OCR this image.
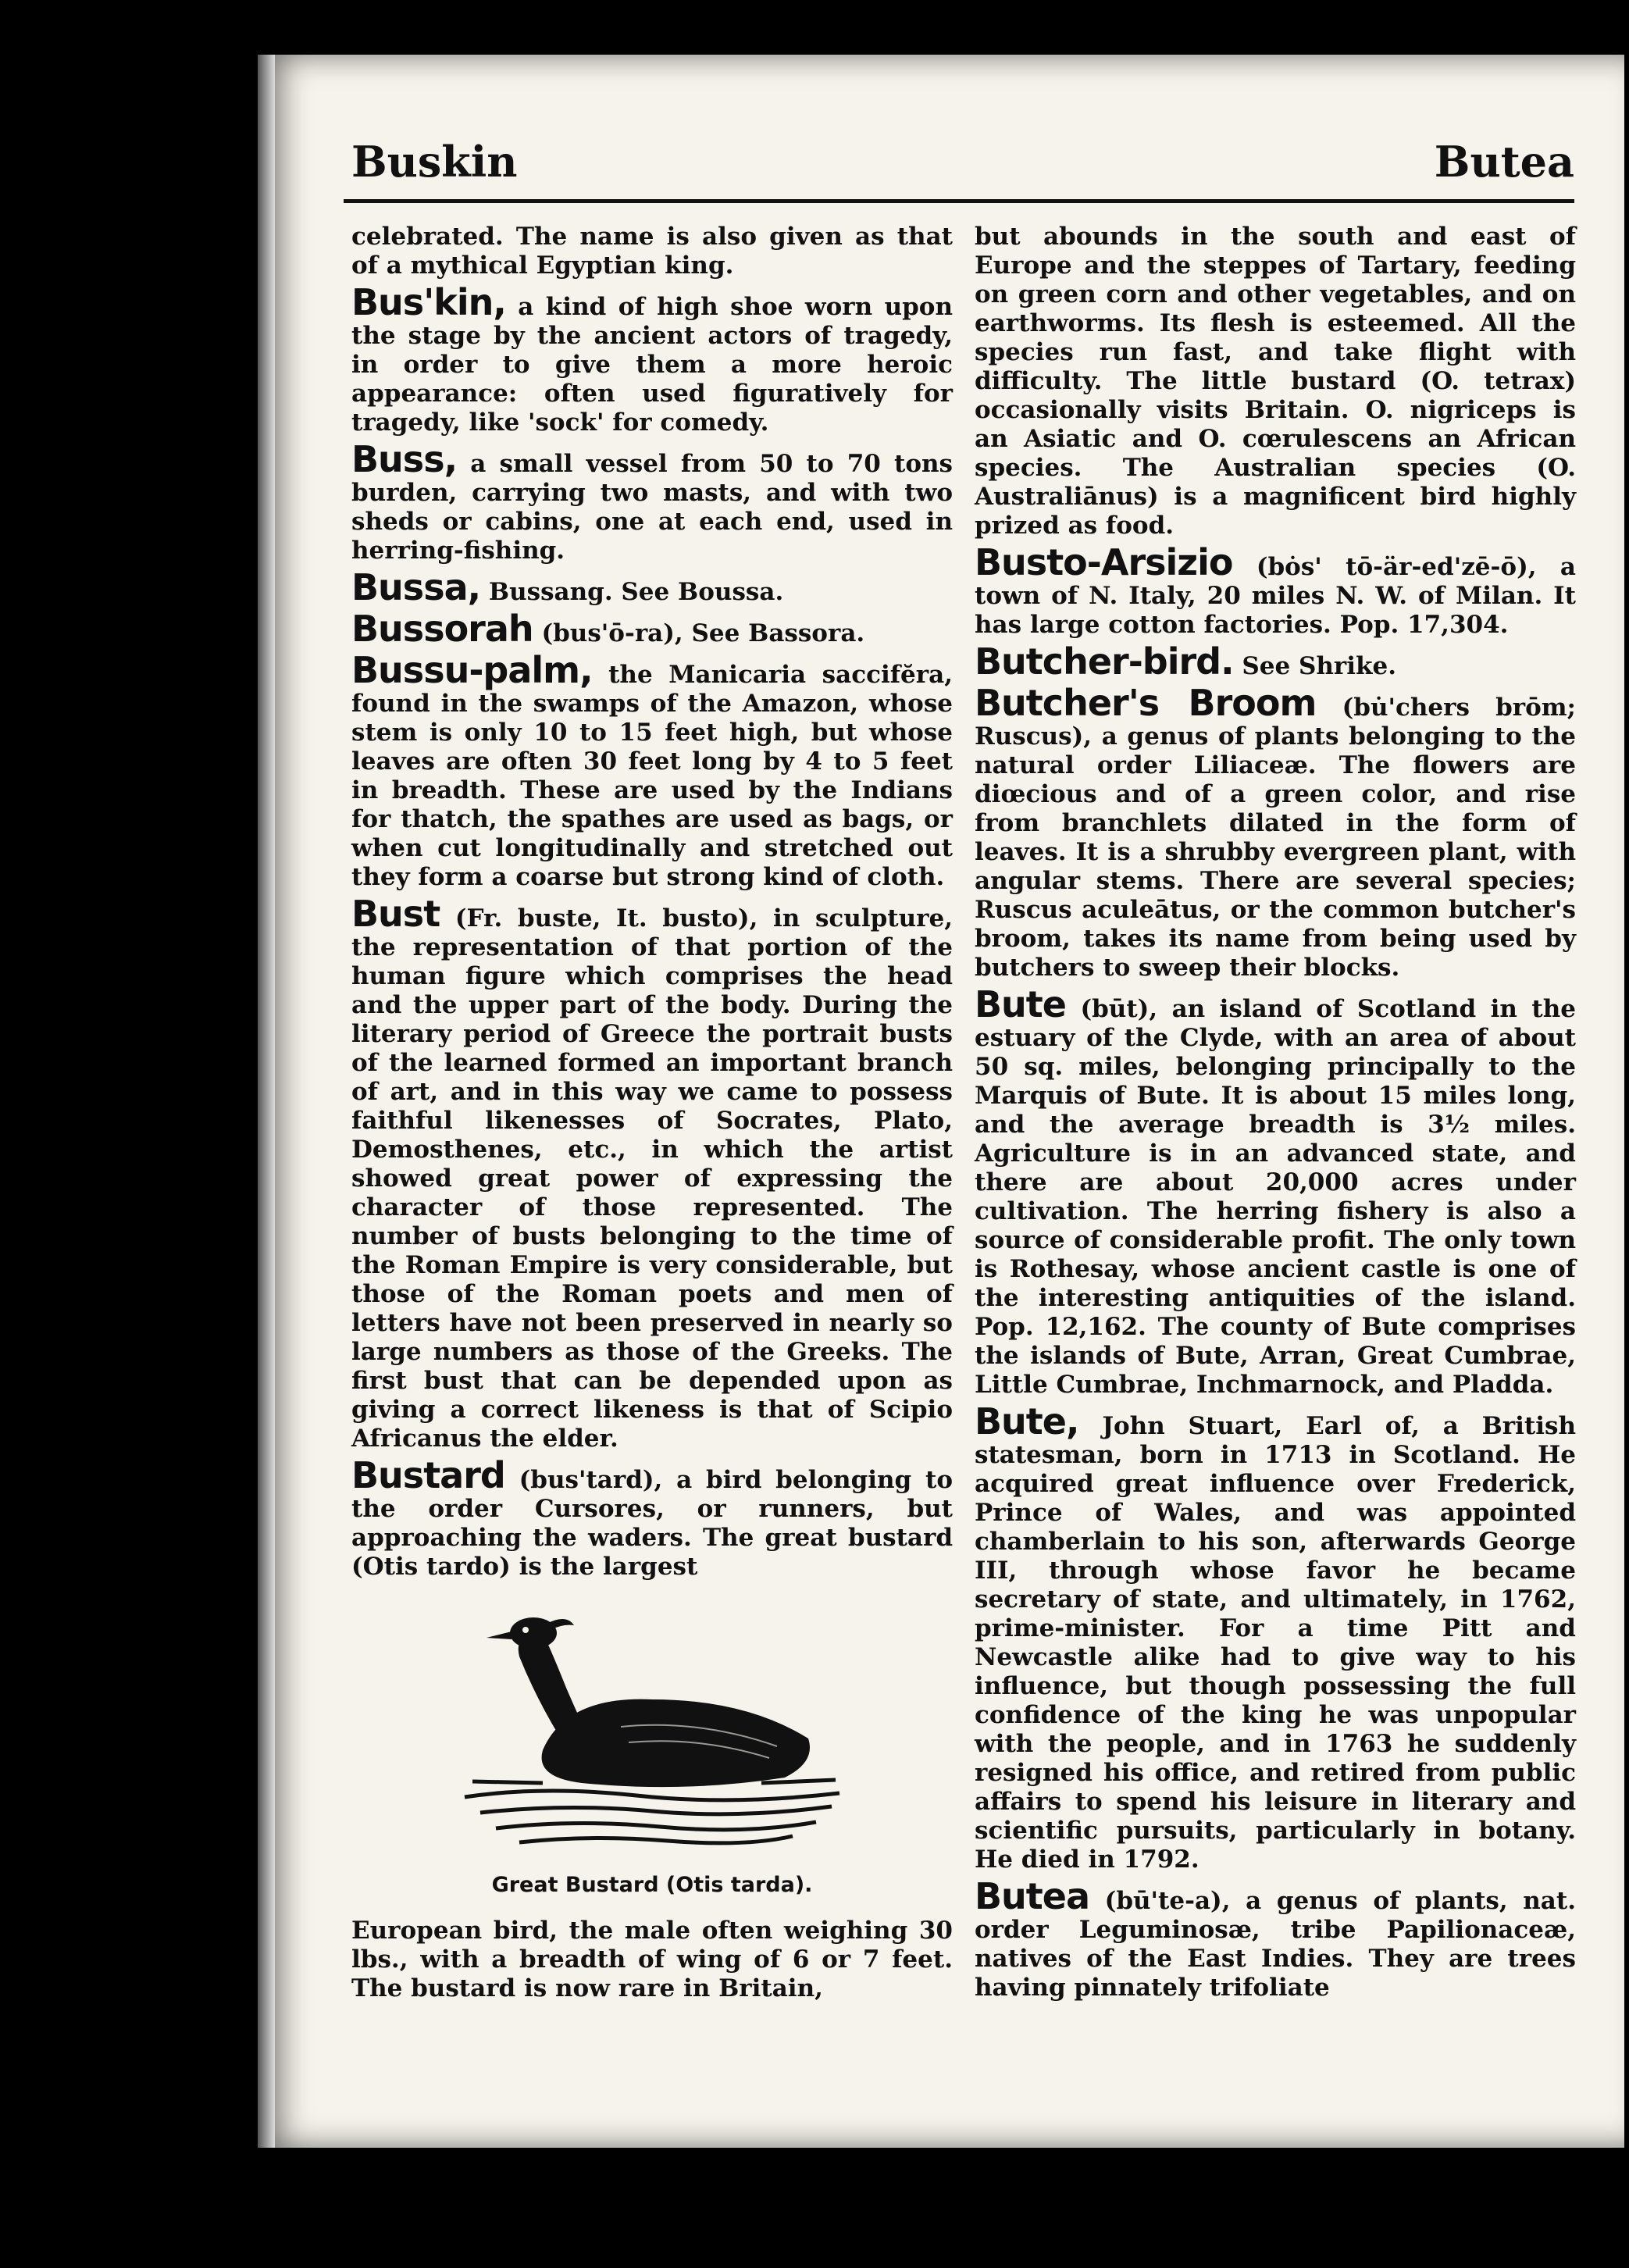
Buskin	Butea

celebrated. The name is also given as that of a mythical Egyptian king.

Bus'kin, a kind of high shoe worn upon the stage by the ancient actors of tragedy, in order to give them a more heroic appearance: often used figuratively for tragedy, like 'sock' for comedy.

Buss, a small vessel from 50 to 70 tons burden, carrying two masts, and with two sheds or cabins, one at each end, used in herring-fishing.

Bussa, Bussang. See Boussa.

Bussorah (bus'ō-ra), See Bassora.

Bussu-palm, the Manicaria saccifĕra, found in the swamps of the Amazon, whose stem is only 10 to 15 feet high, but whose leaves are often 30 feet long by 4 to 5 feet in breadth. These are used by the Indians for thatch, the spathes are used as bags, or when cut longitudinally and stretched out they form a coarse but strong kind of cloth.

Bust (Fr. buste, It. busto), in sculpture, the representation of that portion of the human figure which comprises the head and the upper part of the body. During the literary period of Greece the portrait busts of the learned formed an important branch of art, and in this way we came to possess faithful likenesses of Socrates, Plato, Demosthenes, etc., in which the artist showed great power of expressing the character of those represented. The number of busts belonging to the time of the Roman Empire is very considerable, but those of the Roman poets and men of letters have not been preserved in nearly so large numbers as those of the Greeks. The first bust that can be depended upon as giving a correct likeness is that of Scipio Africanus the elder.

Bustard (bus'tard), a bird belonging to the order Cursores, or runners, but approaching the waders. The great bustard (Otis tardo) is the largest

Great Bustard (Otis tarda).

European bird, the male often weighing 30 lbs., with a breadth of wing of 6 or 7 feet. The bustard is now rare in Britain,

but abounds in the south and east of Europe and the steppes of Tartary, feeding on green corn and other vegetables, and on earthworms. Its flesh is esteemed. All the species run fast, and take flight with difficulty. The little bustard (O. tetrax) occasionally visits Britain. O. nigriceps is an Asiatic and O. cœrulescens an African species. The Australian species (O. Australiānus) is a magnificent bird highly prized as food.

Busto-Arsizio (bȯs' tō-är-ed'zē-ō), a town of N. Italy, 20 miles N. W. of Milan. It has large cotton factories. Pop. 17,304.

Butcher-bird. See Shrike.

Butcher's Broom (bu̇'chers brōm; Ruscus), a genus of plants belonging to the natural order Liliaceæ. The flowers are diœcious and of a green color, and rise from branchlets dilated in the form of leaves. It is a shrubby evergreen plant, with angular stems. There are several species; Ruscus aculeātus, or the common butcher's broom, takes its name from being used by butchers to sweep their blocks.

Bute (būt), an island of Scotland in the estuary of the Clyde, with an area of about 50 sq. miles, belonging principally to the Marquis of Bute. It is about 15 miles long, and the average breadth is 3½ miles. Agriculture is in an advanced state, and there are about 20,000 acres under cultivation. The herring fishery is also a source of considerable profit. The only town is Rothesay, whose ancient castle is one of the interesting antiquities of the island. Pop. 12,162. The county of Bute comprises the islands of Bute, Arran, Great Cumbrae, Little Cumbrae, Inchmarnock, and Pladda.

Bute, John Stuart, Earl of, a British statesman, born in 1713 in Scotland. He acquired great influence over Frederick, Prince of Wales, and was appointed chamberlain to his son, afterwards George III, through whose favor he became secretary of state, and ultimately, in 1762, prime-minister. For a time Pitt and Newcastle alike had to give way to his influence, but though possessing the full confidence of the king he was unpopular with the people, and in 1763 he suddenly resigned his office, and retired from public affairs to spend his leisure in literary and scientific pursuits, particularly in botany. He died in 1792.

Butea (bū'te-a), a genus of plants, nat. order Leguminosæ, tribe Papilionaceæ, natives of the East Indies. They are trees having pinnately trifoliate
